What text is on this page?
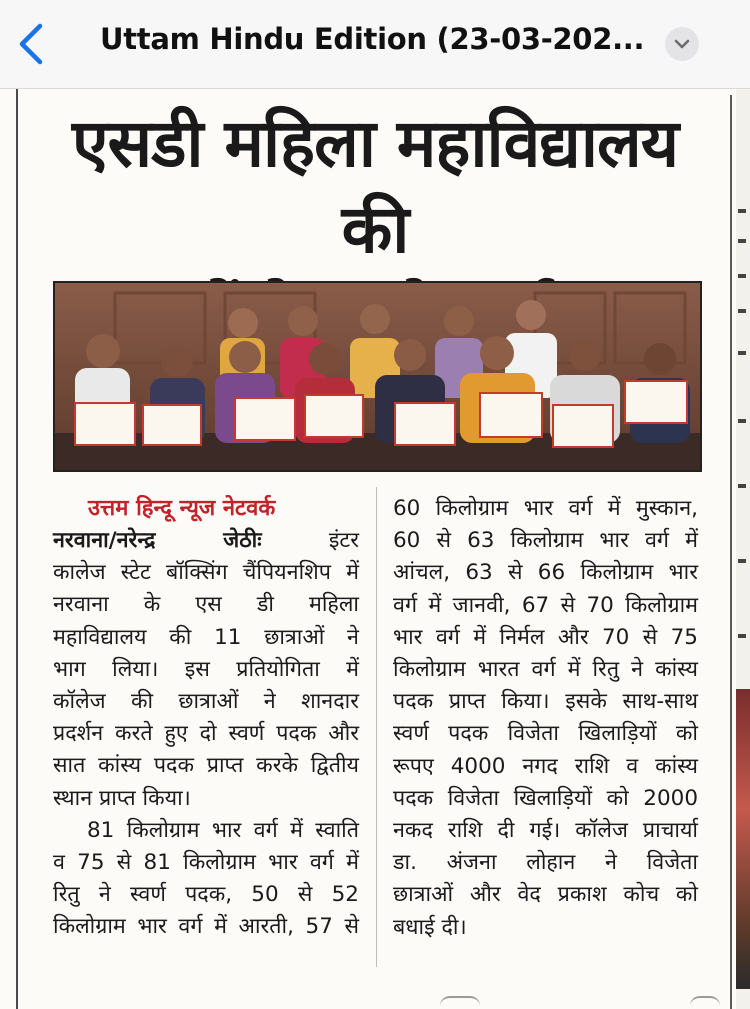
Uttam Hindu Edition (23-03-202...
एसडी महिला महाविद्यालय की
उत्तम हिन्दू न्यूज नेटवर्क
नरवाना/नरेन्द्र जेठीः	इंटर
कालेज स्टेट बॉक्सिंग चैंपियनशिप में
नरवाना के एस डी महिला
महाविद्यालय की 11 छात्राओं ने
भाग लिया। इस प्रतियोगिता में
कॉलेज की छात्राओं ने शानदार
प्रदर्शन करते हुए दो स्वर्ण पदक और
सात कांस्य पदक प्राप्त करके द्वितीय
स्थान प्राप्त किया।
81 किलोग्राम भार वर्ग में स्वाति
व 75 से 81 किलोग्राम भार वर्ग में
रितु ने स्वर्ण पदक, 50 से 52
किलोग्राम भार वर्ग में आरती, 57 से
60 किलोग्राम भार वर्ग में मुस्कान,
60 से 63 किलोग्राम भार वर्ग में
आंचल, 63 से 66 किलोग्राम भार
वर्ग में जानवी, 67 से 70 किलोग्राम
भार वर्ग में निर्मल और 70 से 75
किलोग्राम भारत वर्ग में रितु ने कांस्य
पदक प्राप्त किया। इसके साथ-साथ
स्वर्ण पदक विजेता खिलाड़ियों को
रूपए 4000 नगद राशि व कांस्य
पदक विजेता खिलाड़ियों को 2000
नकद राशि दी गई। कॉलेज प्राचार्या
डा. अंजना लोहान ने विजेता
छात्राओं और वेद प्रकाश कोच को
बधाई दी।
